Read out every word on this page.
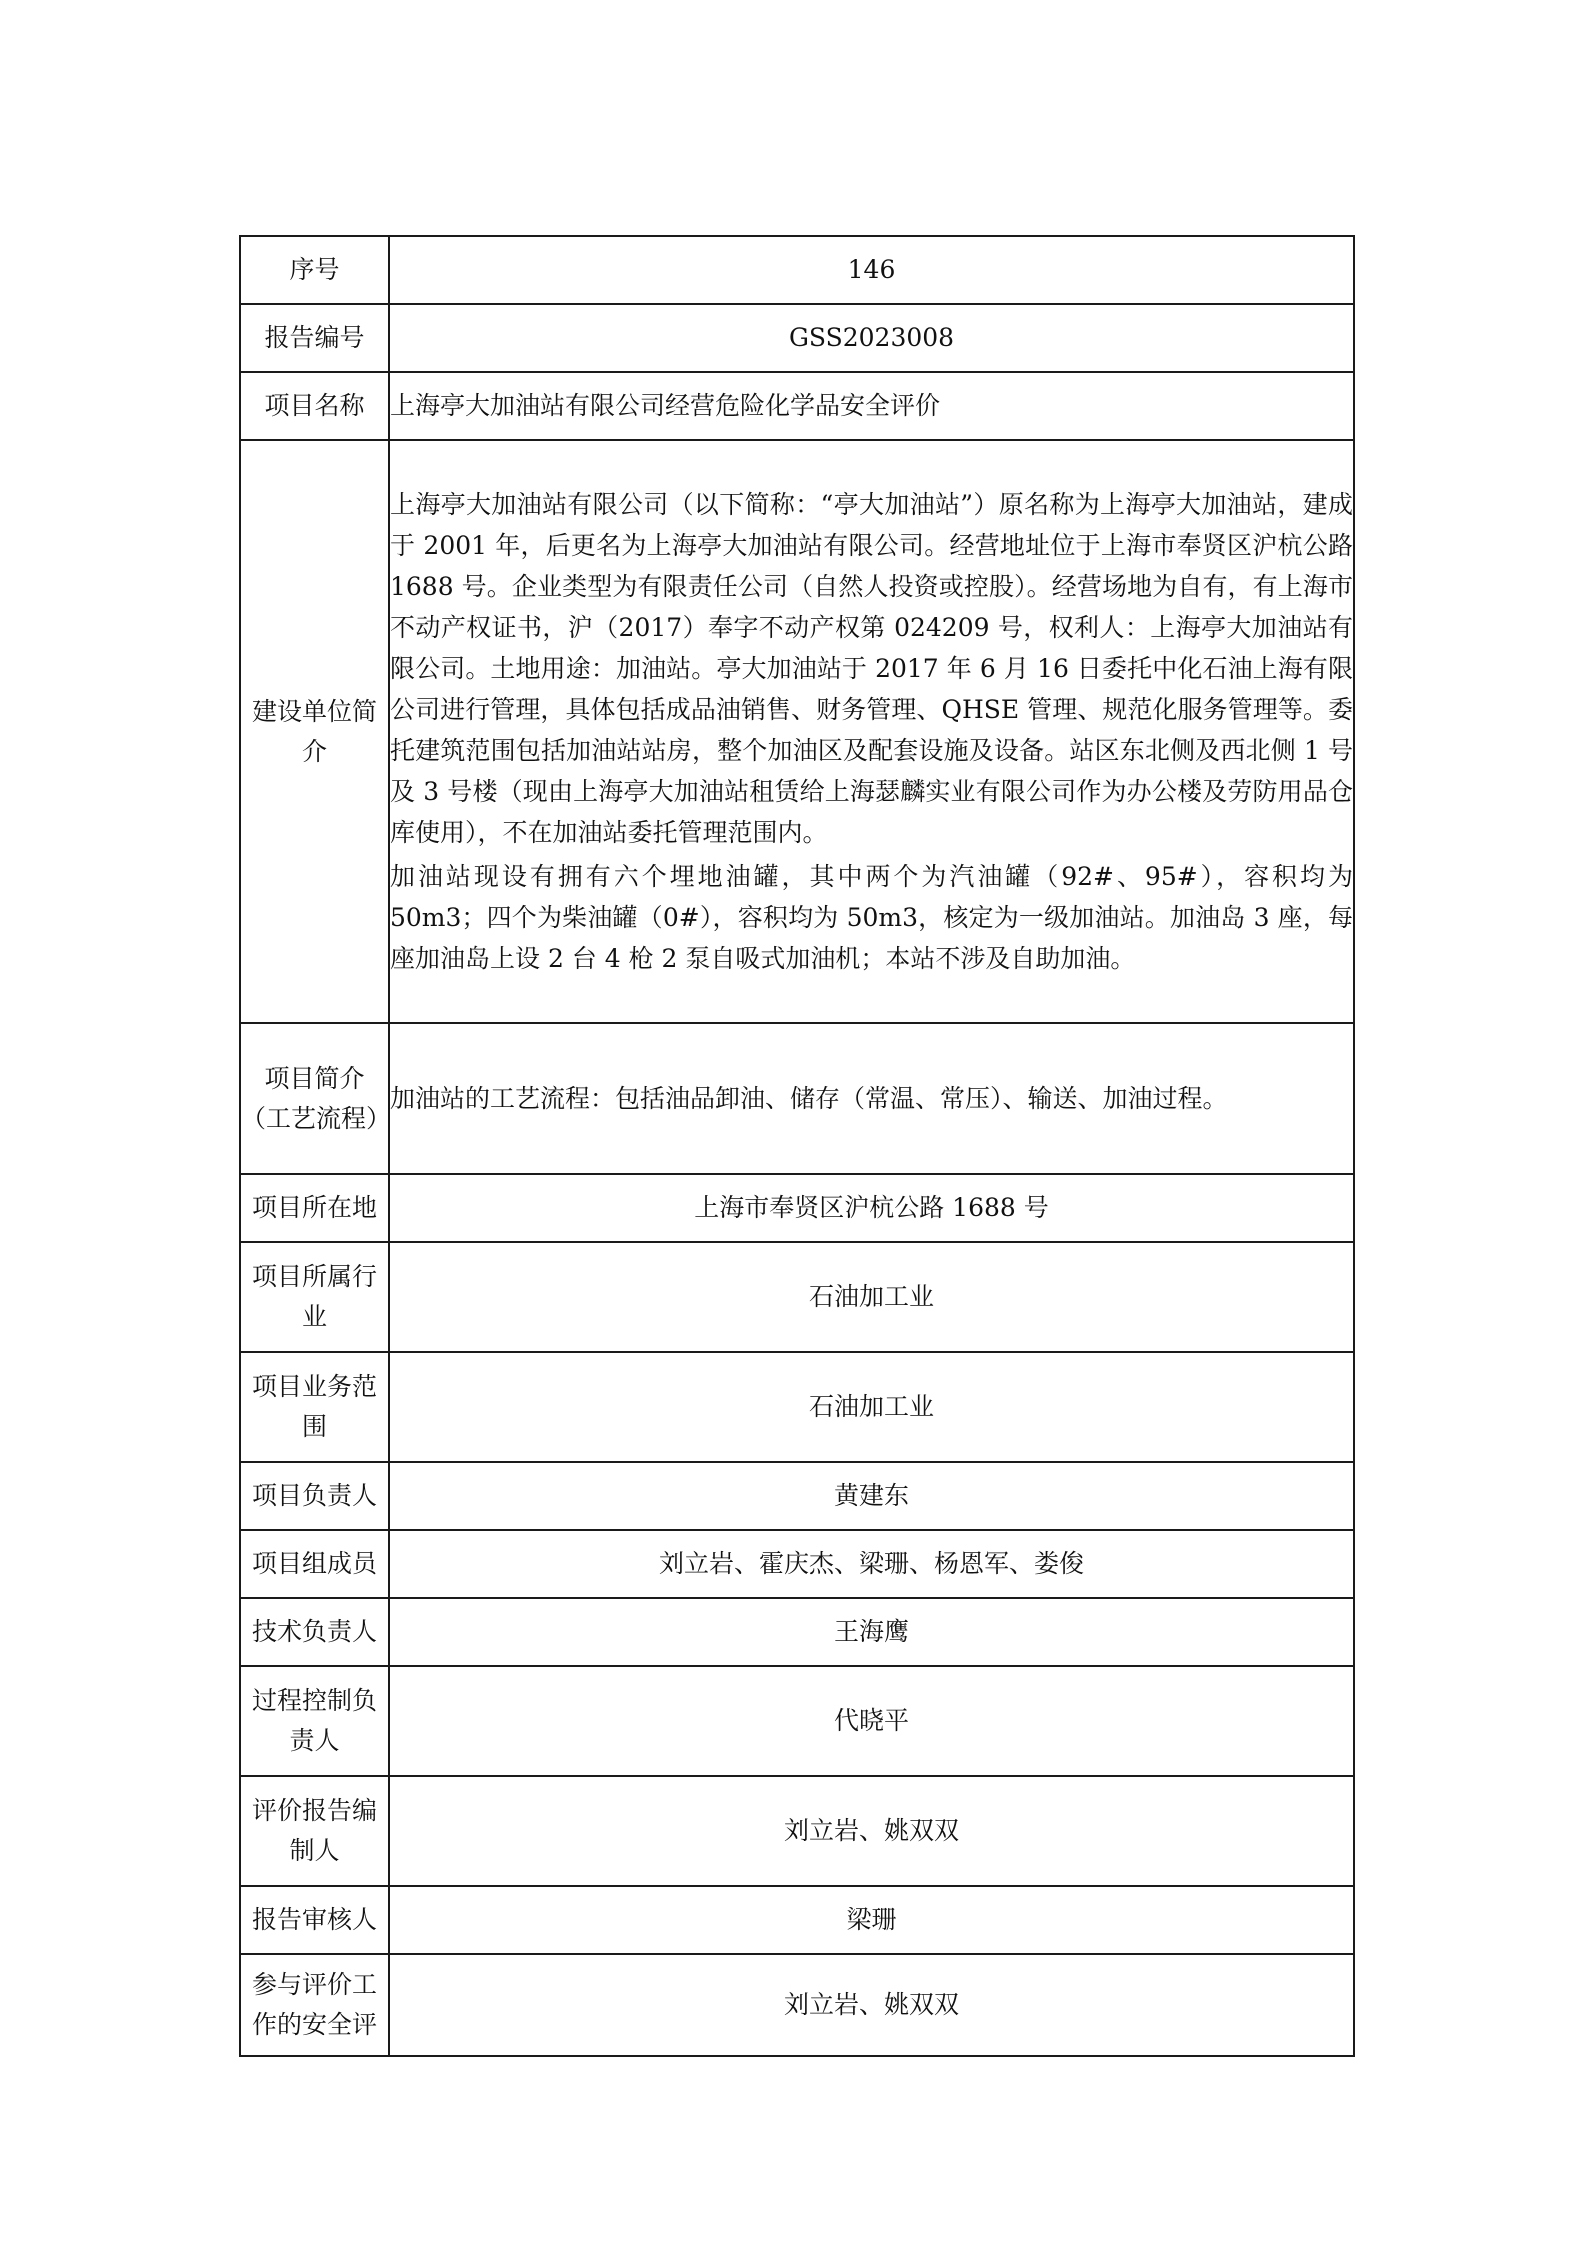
序号	146
报告编号	GSS2023008
项目名称	上海亭大加油站有限公司经营危险化学品安全评价
建设单位简介	上海亭大加油站有限公司（以下简称：“亭大加油站”）原名称为上海亭大加油站，建成于 2001 年，后更名为上海亭大加油站有限公司。经营地址位于上海市奉贤区沪杭公路 1688 号。企业类型为有限责任公司（自然人投资或控股）。经营场地为自有，有上海市不动产权证书，沪（2017）奉字不动产权第 024209 号，权利人：上海亭大加油站有限公司。土地用途：加油站。亭大加油站于 2017 年 6 月 16 日委托中化石油上海有限公司进行管理，具体包括成品油销售、财务管理、QHSE 管理、规范化服务管理等。委托建筑范围包括加油站站房，整个加油区及配套设施及设备。站区东北侧及西北侧 1 号及 3 号楼（现由上海亭大加油站租赁给上海瑟麟实业有限公司作为办公楼及劳防用品仓库使用），不在加油站委托管理范围内。

加油站现设有拥有六个埋地油罐，其中两个为汽油罐（92#、95#），容积均为 50m3；四个为柴油罐（0#），容积均为 50m3，核定为一级加油站。加油岛 3 座，每座加油岛上设 2 台 4 枪 2 泵自吸式加油机；本站不涉及自助加油。

项目简介（工艺流程）	加油站的工艺流程：包括油品卸油、储存（常温、常压）、输送、加油过程。
项目所在地	上海市奉贤区沪杭公路 1688 号
项目所属行业	石油加工业
项目业务范围	石油加工业
项目负责人	黄建东
项目组成员	刘立岩、霍庆杰、梁珊、杨恩军、娄俊
技术负责人	王海鹰
过程控制负责人	代晓平
评价报告编制人	刘立岩、姚双双
报告审核人	梁珊
参与评价工作的安全评	刘立岩、姚双双
